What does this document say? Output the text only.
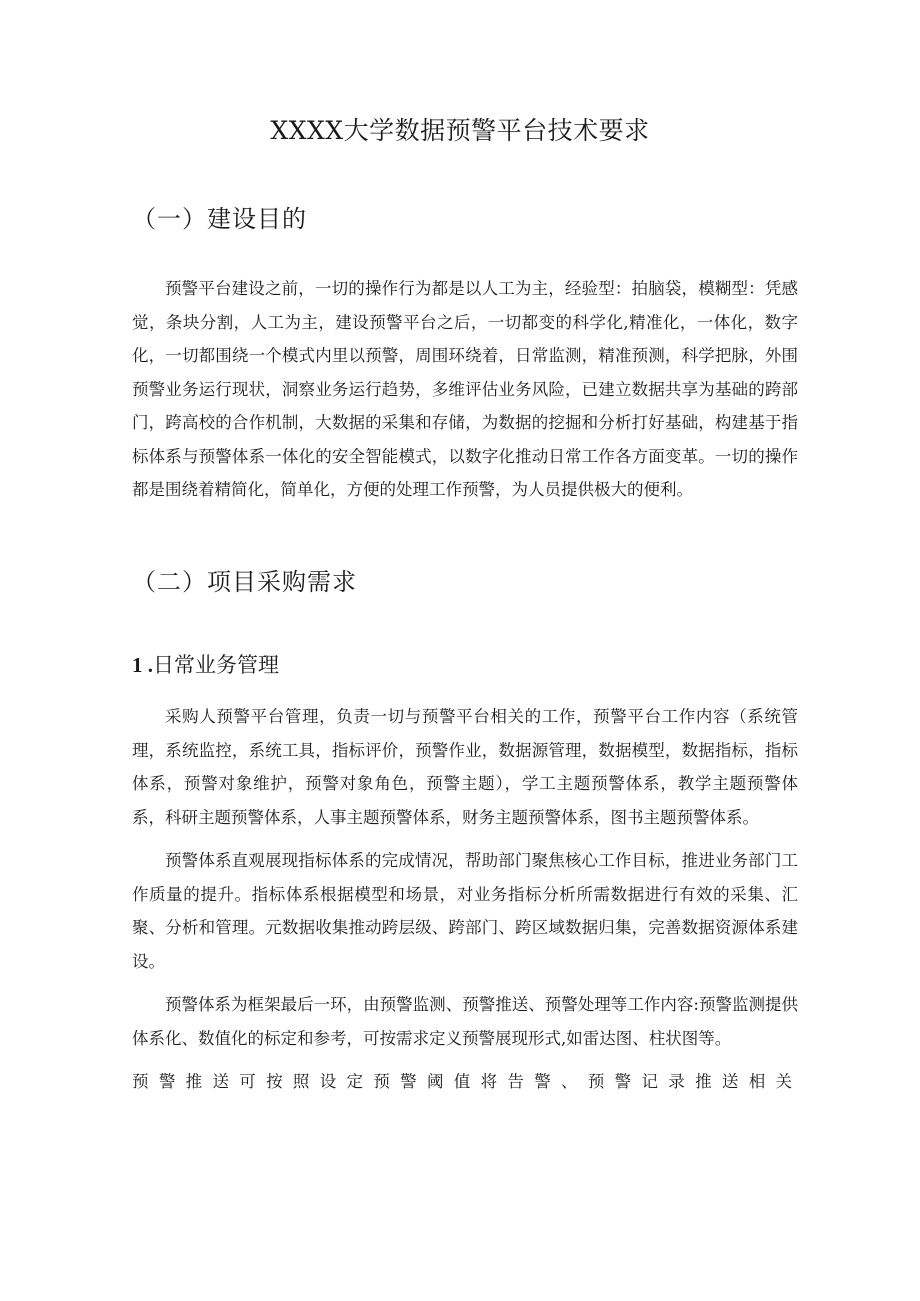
XXXX大学数据预警平台技术要求
（一）建设目的

预警平台建设之前，一切的操作行为都是以人工为主，经验型：拍脑袋，模糊型：凭感觉，条块分割，人工为主，建设预警平台之后，一切都变的科学化,精准化，一体化，数字化，一切都围绕一个模式内里以预警，周围环绕着，日常监测，精准预测，科学把脉，外围预警业务运行现状，洞察业务运行趋势，多维评估业务风险，已建立数据共享为基础的跨部门，跨高校的合作机制，大数据的采集和存储，为数据的挖掘和分析打好基础，构建基于指标体系与预警体系一体化的安全智能模式，以数字化推动日常工作各方面变革。一切的操作都是围绕着精简化，简单化，方便的处理工作预警，为人员提供极大的便利。

（二）项目采购需求
1 .日常业务管理

采购人预警平台管理，负责一切与预警平台相关的工作，预警平台工作内容（系统管理，系统监控，系统工具，指标评价，预警作业，数据源管理，数据模型，数据指标，指标体系，预警对象维护，预警对象角色，预警主题），学工主题预警体系，教学主题预警体系，科研主题预警体系，人事主题预警体系，财务主题预警体系，图书主题预警体系。

预警体系直观展现指标体系的完成情况，帮助部门聚焦核心工作目标，推进业务部门工作质量的提升。指标体系根据模型和场景，对业务指标分析所需数据进行有效的采集、汇聚、分析和管理。元数据收集推动跨层级、跨部门、跨区域数据归集，完善数据资源体系建设。

预警体系为框架最后一环，由预警监测、预警推送、预警处理等工作内容:预警监测提供体系化、数值化的标定和参考，可按需求定义预警展现形式,如雷达图、柱状图等。

预警推送可按照设定预警阈值将告警、预警记录推送相关
